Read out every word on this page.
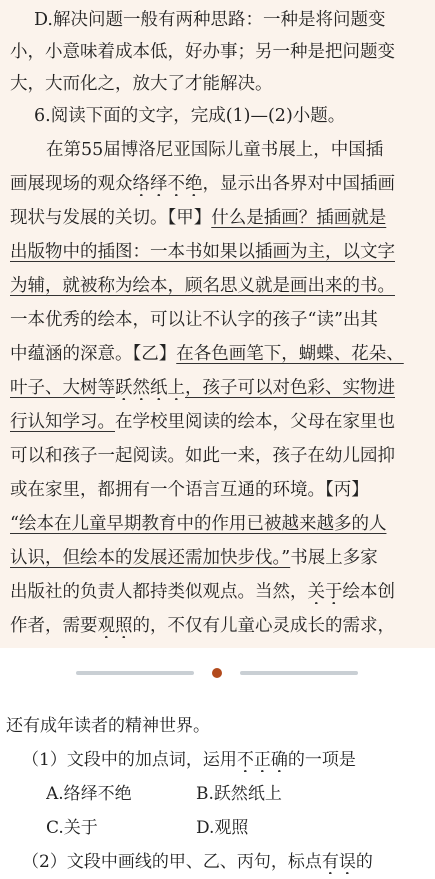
D.解决问题一般有两种思路：一种是将问题变
小，小意味着成本低，好办事；另一种是把问题变
大，大而化之，放大了才能解决。
6.阅读下面的文字，完成(1)—(2)小题。
在第55届博洛尼亚国际儿童书展上，中国插
画展现场的观众络绎不绝，显示出各界对中国插画
现状与发展的关切。【甲】什么是插画？插画就是
出版物中的插图：一本书如果以插画为主，以文字
为辅，就被称为绘本，顾名思义就是画出来的书。
一本优秀的绘本，可以让不认字的孩子“读”出其
中蕴涵的深意。【乙】在各色画笔下，蝴蝶、花朵、
叶子、大树等跃然纸上，孩子可以对色彩、实物进
行认知学习。在学校里阅读的绘本，父母在家里也
可以和孩子一起阅读。如此一来，孩子在幼儿园抑
或在家里，都拥有一个语言互通的环境。【丙】
“绘本在儿童早期教育中的作用已被越来越多的人
认识，但绘本的发展还需加快步伐。”书展上多家
出版社的负责人都持类似观点。当然，关于绘本创
作者，需要观照的，不仅有儿童心灵成长的需求，
还有成年读者的精神世界。
（1）文段中的加点词，运用不正确的一项是
A.络绎不绝	B.跃然纸上
C.关于	D.观照
（2）文段中画线的甲、乙、丙句，标点有误的
